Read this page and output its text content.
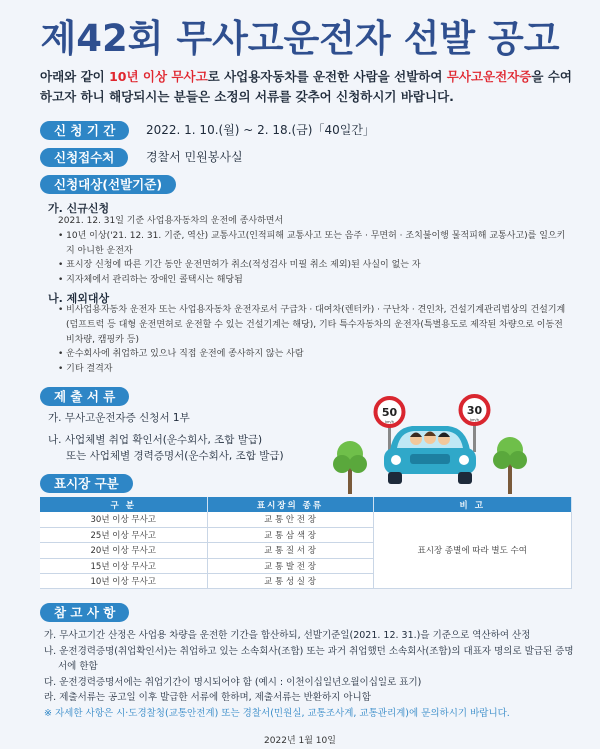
제42회 무사고운전자 선발 공고
아래와 같이 10년 이상 무사고로 사업용자동차를 운전한 사람을 선발하여 무사고운전자증을 수여하고자 하니 해당되시는 분들은 소정의 서류를 갖추어 신청하시기 바랍니다.
신 청 기 간	2022. 1. 10.(월) ~ 2. 18.(금)「40일간」
신청접수처	경찰서 민원봉사실
신청대상(선발기준)
가. 신규신청
2021. 12. 31일 기준 사업용자동차의 운전에 종사하면서
• 10년 이상('21. 12. 31. 기준, 역산) 교통사고(인적피해 교통사고 또는 음주 · 무면허 · 조치불이행 물적피해 교통사고)를 일으키지 아니한 운전자
• 표시장 신청에 따른 기간 동안 운전면허가 취소(적성검사 미필 취소 제외)된 사실이 없는 자
• 지자체에서 관리하는 장애인 콜택시는 해당됨
나. 제외대상
• 비사업용자동차 운전자 또는 사업용자동차 운전자로서 구급차 · 대여차(렌터카) · 구난차 · 견인차, 건설기계관리법상의 건설기계(덤프트럭 등 대형 운전면허로 운전할 수 있는 건설기계는 해당), 기타 특수자동차의 운전자(특별용도로 제작된 차량으로 이동전비차량, 캠핑카 등)
• 운수회사에 취업하고 있으나 직접 운전에 종사하지 않는 사람
• 기타 결격자
제 출 서 류
가. 무사고운전자증 신청서 1부
나. 사업체별 취업 확인서(운수회사, 조합 발급)
또는 사업체별 경력증명서(운수회사, 조합 발급)
50
km/h
30
km/h
표시장 구분
구 분	표시장의 종류	비 고
30년 이상 무사고	교 통 안 전 장	표시장 종별에 따라 별도 수여
25년 이상 무사고	교 통 삼 색 장	
20년 이상 무사고	교 통 질 서 장	
15년 이상 무사고	교 통 발 전 장	
10년 이상 무사고	교 통 성 실 장	
참 고 사 항
가. 무사고기간 산정은 사업용 차량을 운전한 기간을 합산하되, 선발기준일(2021. 12. 31.)을 기준으로 역산하여 산정
나. 운전경력증명(취업확인서)는 취업하고 있는 소속회사(조합) 또는 과거 취업했던 소속회사(조합)의 대표자 명의로 발급된 증명서에 한함
다. 운전경력증명서에는 취업기간이 명시되어야 함 (예시 : 이천이십일년오월이십일로 표기)
라. 제출서류는 공고일 이후 발급한 서류에 한하며, 제출서류는 반환하지 아니함
※ 자세한 사항은 시·도경찰청(교통안전계) 또는 경찰서(민원실, 교통조사계, 교통관리계)에 문의하시기 바랍니다.
2022년 1월 10일
